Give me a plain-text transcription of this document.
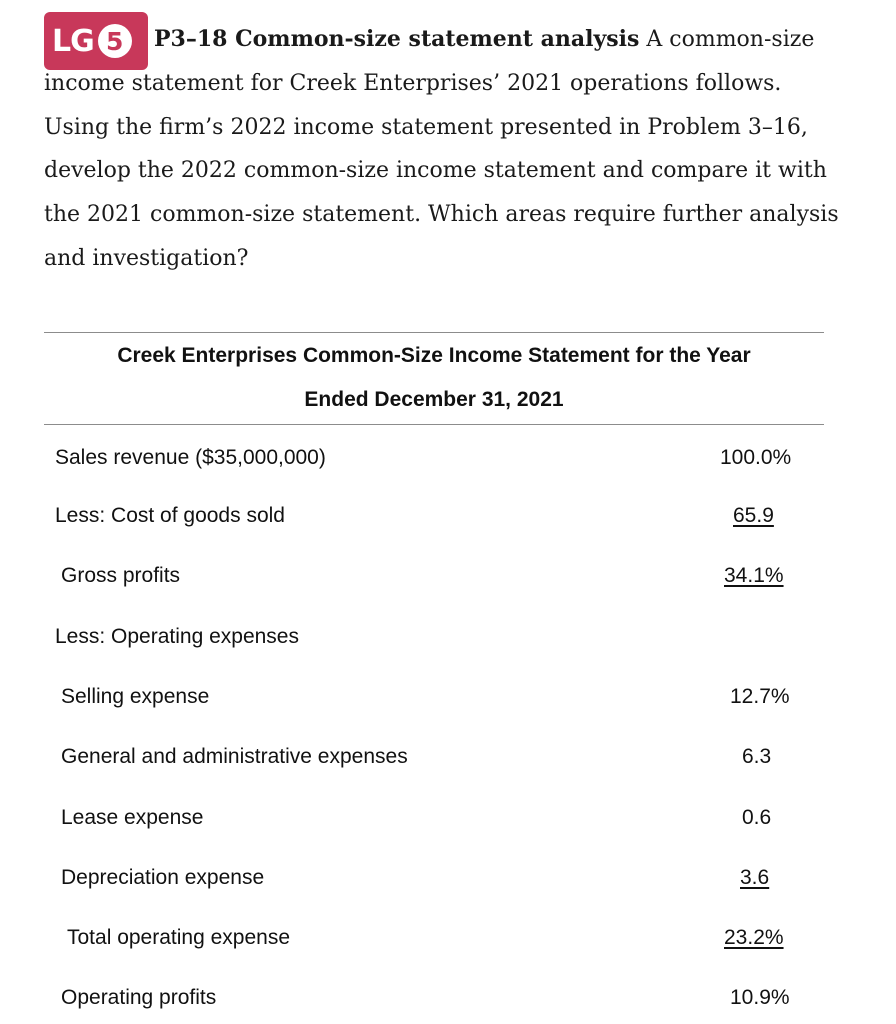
LG 5	P3–18 Common-size statement analysis A common-size income statement for Creek Enterprises’ 2021 operations follows. Using the firm’s 2022 income statement presented in Problem 3–16, develop the 2022 common-size income statement and compare it with the 2021 common-size statement. Which areas require further analysis and investigation?

Creek Enterprises Common-Size Income Statement for the Year
Ended December 31, 2021
Sales revenue ($35,000,000)	100.0%
Less: Cost of goods sold	65.9
Gross profits	34.1%
Less: Operating expenses
Selling expense	12.7%
General and administrative expenses	6.3
Lease expense	0.6
Depreciation expense	3.6
Total operating expense	23.2%
Operating profits	10.9%
